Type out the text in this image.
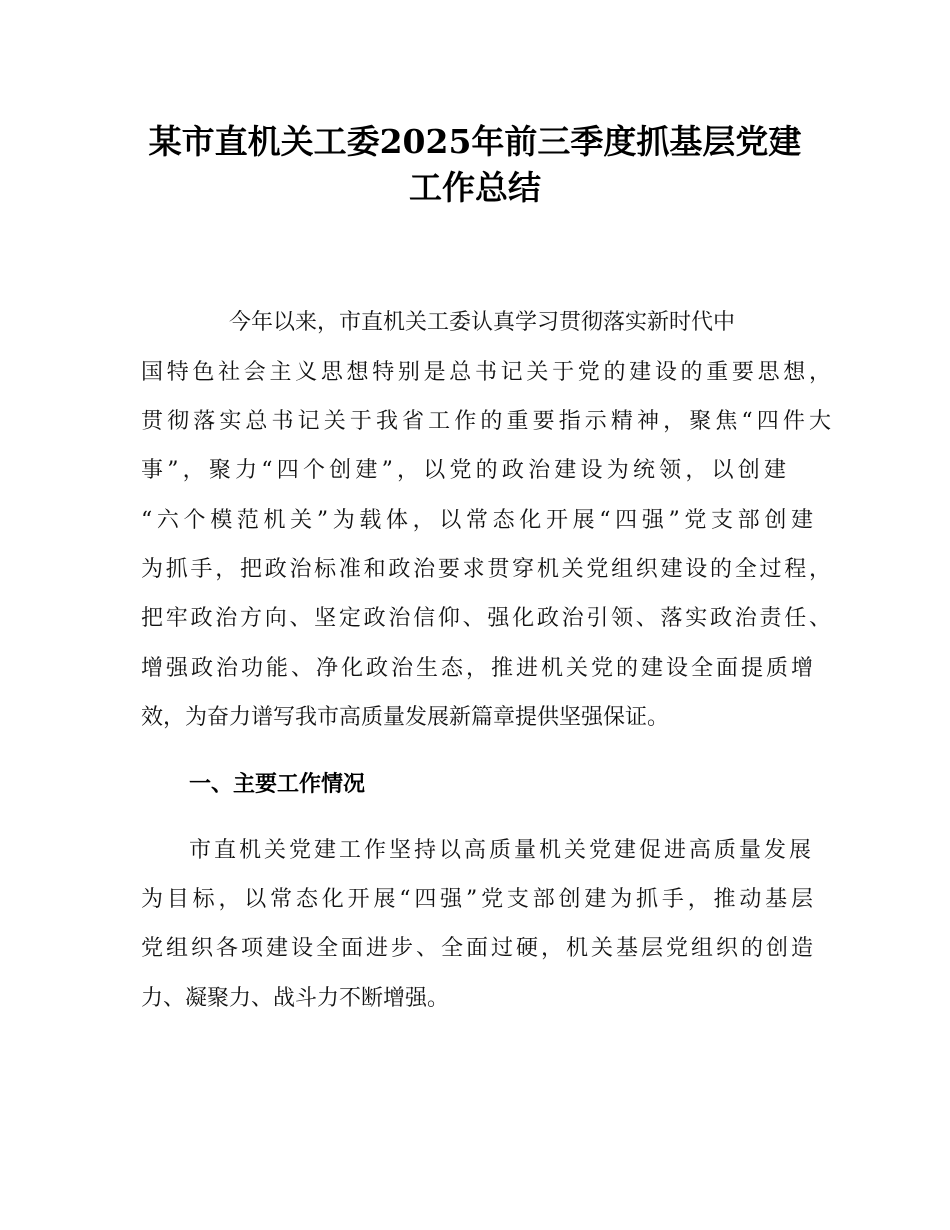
某市直机关工委2025年前三季度抓基层党建
工作总结
今年以来，市直机关工委认真学习贯彻落实新时代中
国特色社会主义思想特别是总书记关于党的建设的重要思想，
贯彻落实总书记关于我省工作的重要指示精神，聚焦“四件大
事”，聚力“四个创建”，以党的政治建设为统领，以创建
“六个模范机关”为载体，以常态化开展“四强”党支部创建
为抓手，把政治标准和政治要求贯穿机关党组织建设的全过程，
把牢政治方向、坚定政治信仰、强化政治引领、落实政治责任、
增强政治功能、净化政治生态，推进机关党的建设全面提质增
效，为奋力谱写我市高质量发展新篇章提供坚强保证。
一、主要工作情况
市直机关党建工作坚持以高质量机关党建促进高质量发展
为目标，以常态化开展“四强”党支部创建为抓手，推动基层
党组织各项建设全面进步、全面过硬，机关基层党组织的创造
力、凝聚力、战斗力不断增强。
